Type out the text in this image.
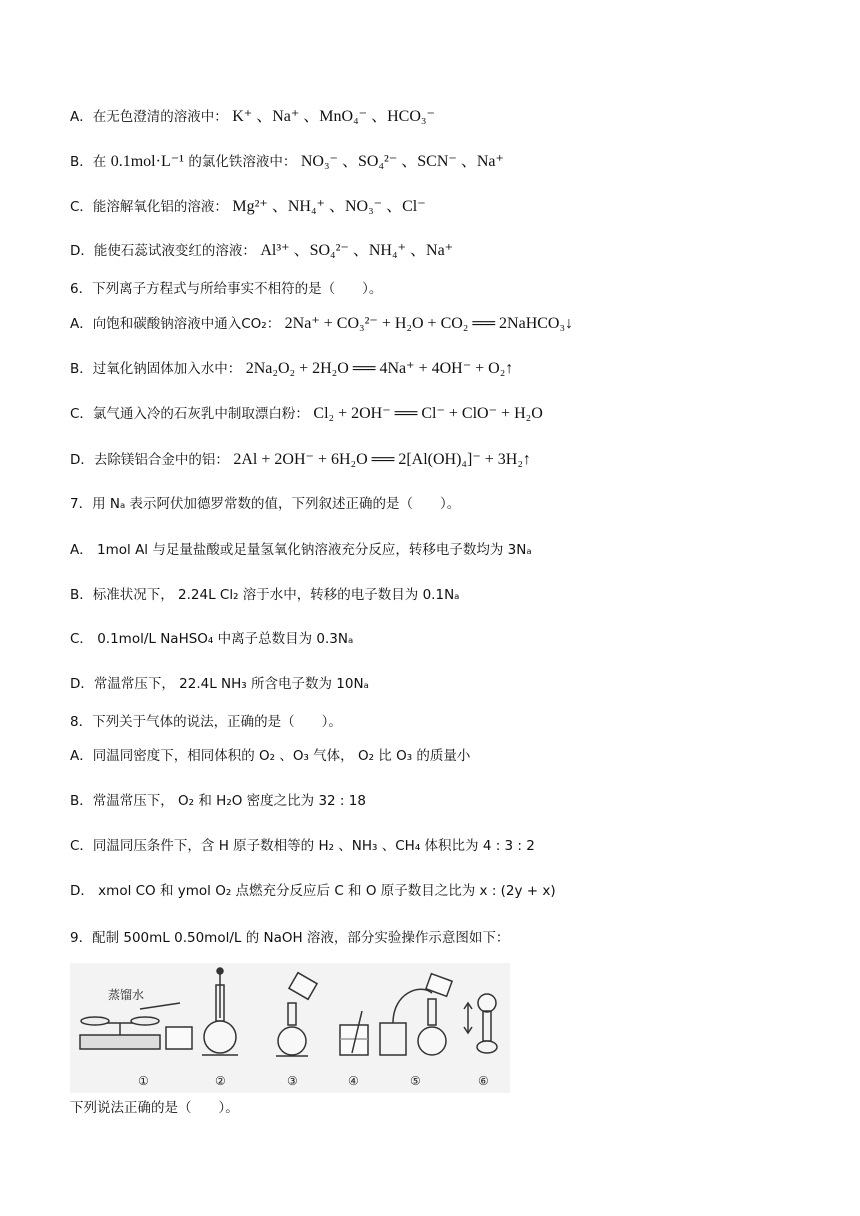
A．在无色澄清的溶液中： K⁺ 、Na⁺ 、MnO₄⁻ 、HCO₃⁻
B．在 0.1mol·L⁻¹ 的氯化铁溶液中： NO₃⁻ 、SO₄²⁻ 、SCN⁻ 、Na⁺
C．能溶解氧化铝的溶液： Mg²⁺ 、NH₄⁺ 、NO₃⁻ 、Cl⁻
D．能使石蕊试液变红的溶液： Al³⁺ 、SO₄²⁻ 、NH₄⁺ 、Na⁺
6．下列离子方程式与所给事实不相符的是（　　）。
A．向饱和碳酸钠溶液中通入CO₂： 2Na⁺ + CO₃²⁻ + H₂O + CO₂ ══ 2NaHCO₃↓
B．过氧化钠固体加入水中： 2Na₂O₂ + 2H₂O ══ 4Na⁺ + 4OH⁻ + O₂↑
C．氯气通入冷的石灰乳中制取漂白粉： Cl₂ + 2OH⁻ ══ Cl⁻ + ClO⁻ + H₂O
D．去除镁铝合金中的铝： 2Al + 2OH⁻ + 6H₂O ══ 2[Al(OH)₄]⁻ + 3H₂↑
7．用 Nₐ 表示阿伏加德罗常数的值，下列叙述正确的是（　　）。
A． 1mol Al 与足量盐酸或足量氢氧化钠溶液充分反应，转移电子数均为 3Nₐ
B．标准状况下， 2.24L Cl₂ 溶于水中，转移的电子数目为 0.1Nₐ
C． 0.1mol/L NaHSO₄ 中离子总数目为 0.3Nₐ
D．常温常压下， 22.4L NH₃ 所含电子数为 10Nₐ
8．下列关于气体的说法，正确的是（　　）。
A．同温同密度下，相同体积的 O₂ 、O₃ 气体， O₂ 比 O₃ 的质量小
B．常温常压下， O₂ 和 H₂O 密度之比为 32 : 18
C．同温同压条件下，含 H 原子数相等的 H₂ 、NH₃ 、CH₄ 体积比为 4 : 3 : 2
D． xmol CO 和 ymol O₂ 点燃充分反应后 C 和 O 原子数目之比为 x : (2y + x)
9．配制 500mL 0.50mol/L 的 NaOH 溶液，部分实验操作示意图如下：
蒸馏水
①	②	③	④	⑤	⑥
下列说法正确的是（　　）。
